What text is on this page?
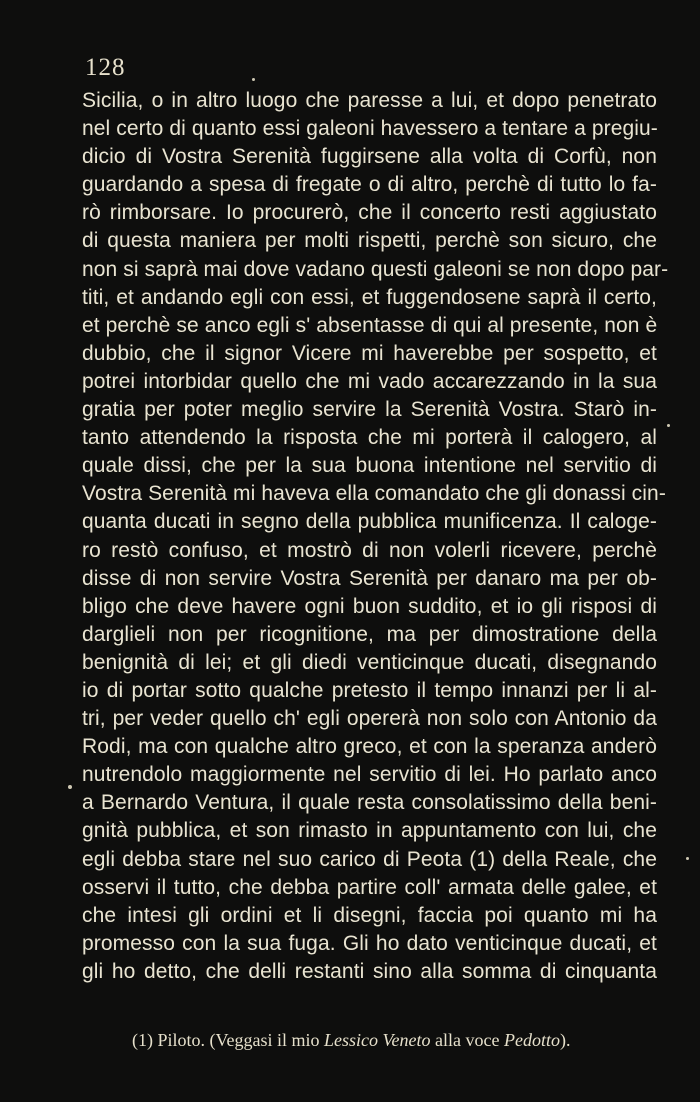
128
Sicilia, o in altro luogo che paresse a lui, et dopo penetrato
nel certo di quanto essi galeoni havessero a tentare a pregiu-
dicio di Vostra Serenità fuggirsene alla volta di Corfù, non
guardando a spesa di fregate o di altro, perchè di tutto lo fa-
rò rimborsare. Io procurerò, che il concerto resti aggiustato
di questa maniera per molti rispetti, perchè son sicuro, che
non si saprà mai dove vadano questi galeoni se non dopo par-
titi, et andando egli con essi, et fuggendosene saprà il certo,
et perchè se anco egli s' absentasse di qui al presente, non è
dubbio, che il signor Vicere mi haverebbe per sospetto, et
potrei intorbidar quello che mi vado accarezzando in la sua
gratia per poter meglio servire la Serenità Vostra. Starò in-
tanto attendendo la risposta che mi porterà il calogero, al
quale dissi, che per la sua buona intentione nel servitio di
Vostra Serenità mi haveva ella comandato che gli donassi cin-
quanta ducati in segno della pubblica munificenza. Il caloge-
ro restò confuso, et mostrò di non volerli ricevere, perchè
disse di non servire Vostra Serenità per danaro ma per ob-
bligo che deve havere ogni buon suddito, et io gli risposi di
darglieli non per ricognitione, ma per dimostratione della
benignità di lei; et gli diedi venticinque ducati, disegnando
io di portar sotto qualche pretesto il tempo innanzi per li al-
tri, per veder quello ch' egli opererà non solo con Antonio da
Rodi, ma con qualche altro greco, et con la speranza anderò
nutrendolo maggiormente nel servitio di lei. Ho parlato anco
a Bernardo Ventura, il quale resta consolatissimo della beni-
gnità pubblica, et son rimasto in appuntamento con lui, che
egli debba stare nel suo carico di Peota (1) della Reale, che
osservi il tutto, che debba partire coll' armata delle galee, et
che intesi gli ordini et li disegni, faccia poi quanto mi ha
promesso con la sua fuga. Gli ho dato venticinque ducati, et
gli ho detto, che delli restanti sino alla somma di cinquanta
(1) Piloto. (Veggasi il mio Lessico Veneto alla voce Pedotto).
